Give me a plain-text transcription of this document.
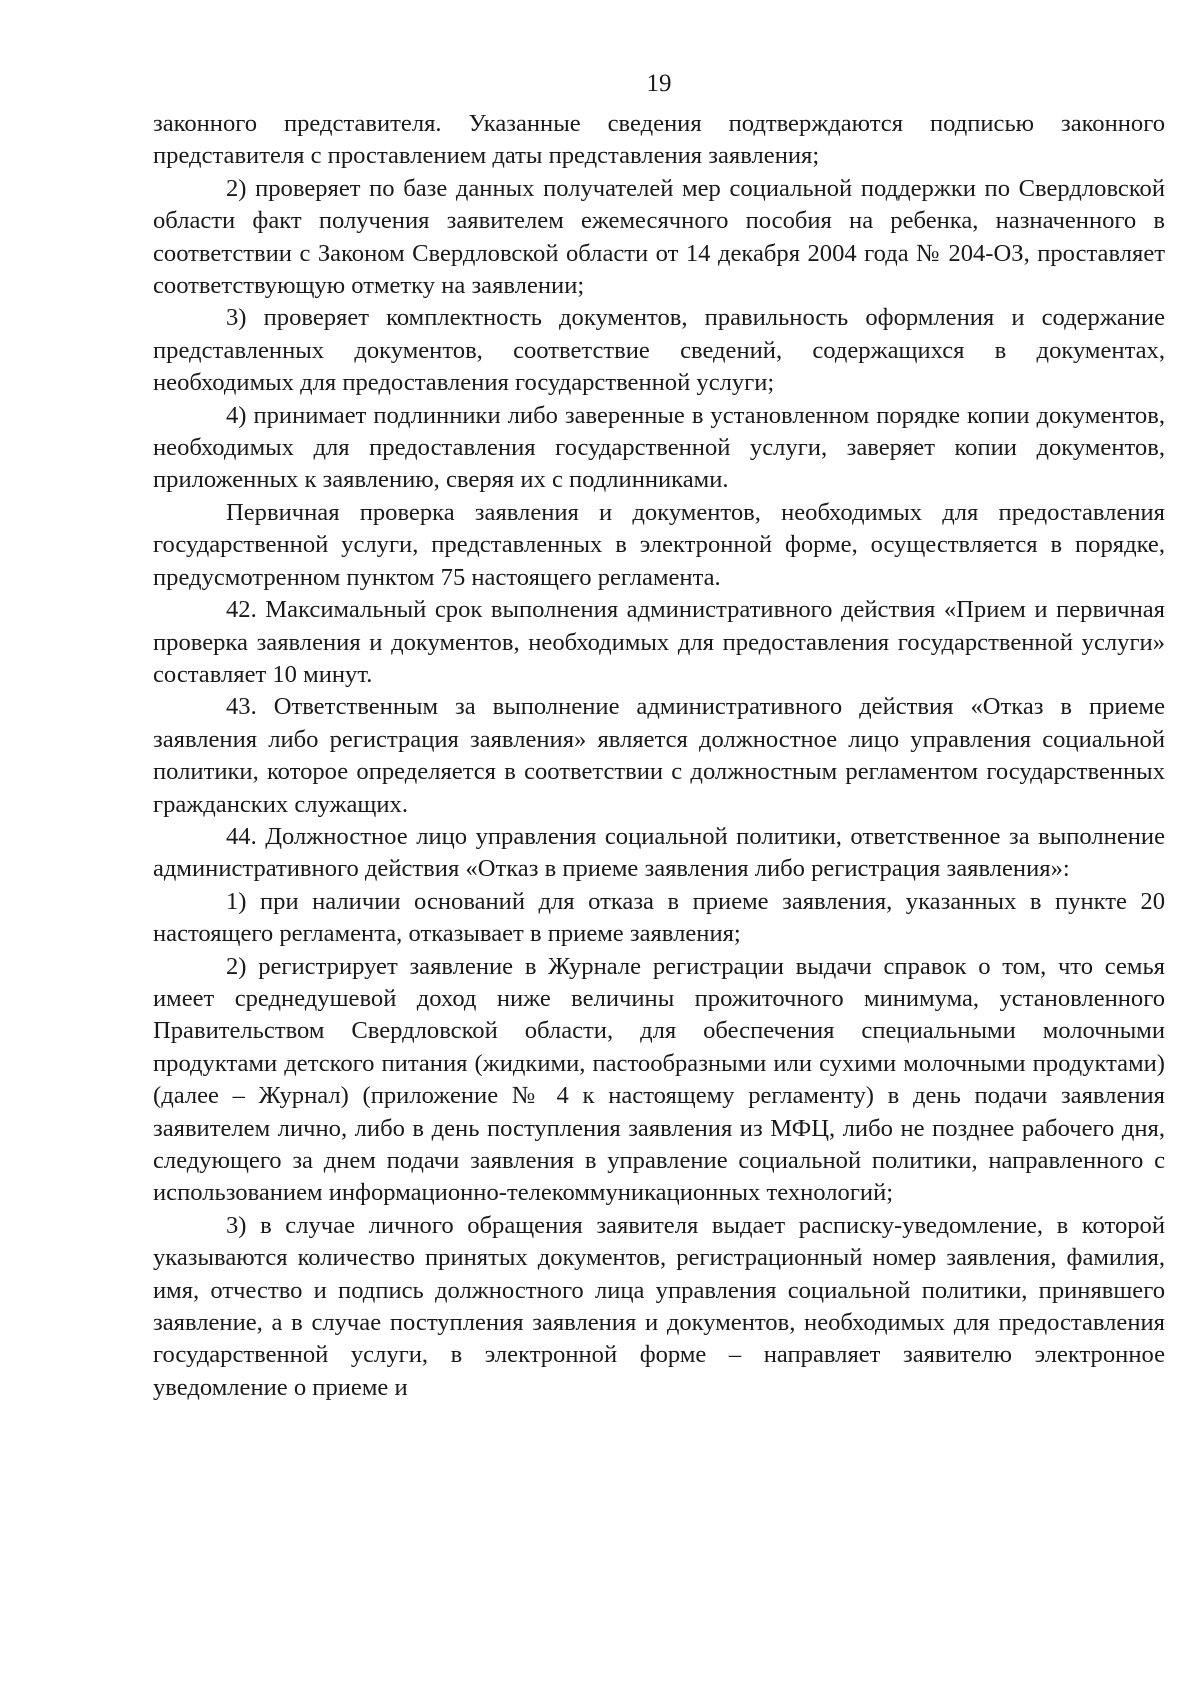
19

законного представителя. Указанные сведения подтверждаются подписью законного представителя с проставлением даты представления заявления;

2) проверяет по базе данных получателей мер социальной поддержки по Свердловской области факт получения заявителем ежемесячного пособия на ребенка, назначенного в соответствии с Законом Свердловской области от 14 декабря 2004 года № 204-ОЗ, проставляет соответствующую отметку на заявлении;

3) проверяет комплектность документов, правильность оформления и содержание представленных документов, соответствие сведений, содержащихся в документах, необходимых для предоставления государственной услуги;

4) принимает подлинники либо заверенные в установленном порядке копии документов, необходимых для предоставления государственной услуги, заверяет копии документов, приложенных к заявлению, сверяя их с подлинниками.

Первичная проверка заявления и документов, необходимых для предоставления государственной услуги, представленных в электронной форме, осуществляется в порядке, предусмотренном пунктом 75 настоящего регламента.

42. Максимальный срок выполнения административного действия «Прием и первичная проверка заявления и документов, необходимых для предоставления государственной услуги» составляет 10 минут.

43. Ответственным за выполнение административного действия «Отказ в приеме заявления либо регистрация заявления» является должностное лицо управления социальной политики, которое определяется в соответствии с должностным регламентом государственных гражданских служащих.

44. Должностное лицо управления социальной политики, ответственное за выполнение административного действия «Отказ в приеме заявления либо регистрация заявления»:

1) при наличии оснований для отказа в приеме заявления, указанных в пункте 20 настоящего регламента, отказывает в приеме заявления;

2) регистрирует заявление в Журнале регистрации выдачи справок о том, что семья имеет среднедушевой доход ниже величины прожиточного минимума, установленного Правительством Свердловской области, для обеспечения специальными молочными продуктами детского питания (жидкими, пастообразными или сухими молочными продуктами) (далее – Журнал) (приложение № 4 к настоящему регламенту) в день подачи заявления заявителем лично, либо в день поступления заявления из МФЦ, либо не позднее рабочего дня, следующего за днем подачи заявления в управление социальной политики, направленного с использованием информационно-телекоммуникационных технологий;

3) в случае личного обращения заявителя выдает расписку-уведомление, в которой указываются количество принятых документов, регистрационный номер заявления, фамилия, имя, отчество и подпись должностного лица управления социальной политики, принявшего заявление, а в случае поступления заявления и документов, необходимых для предоставления государственной услуги, в электронной форме – направляет заявителю электронное уведомление о приеме и
